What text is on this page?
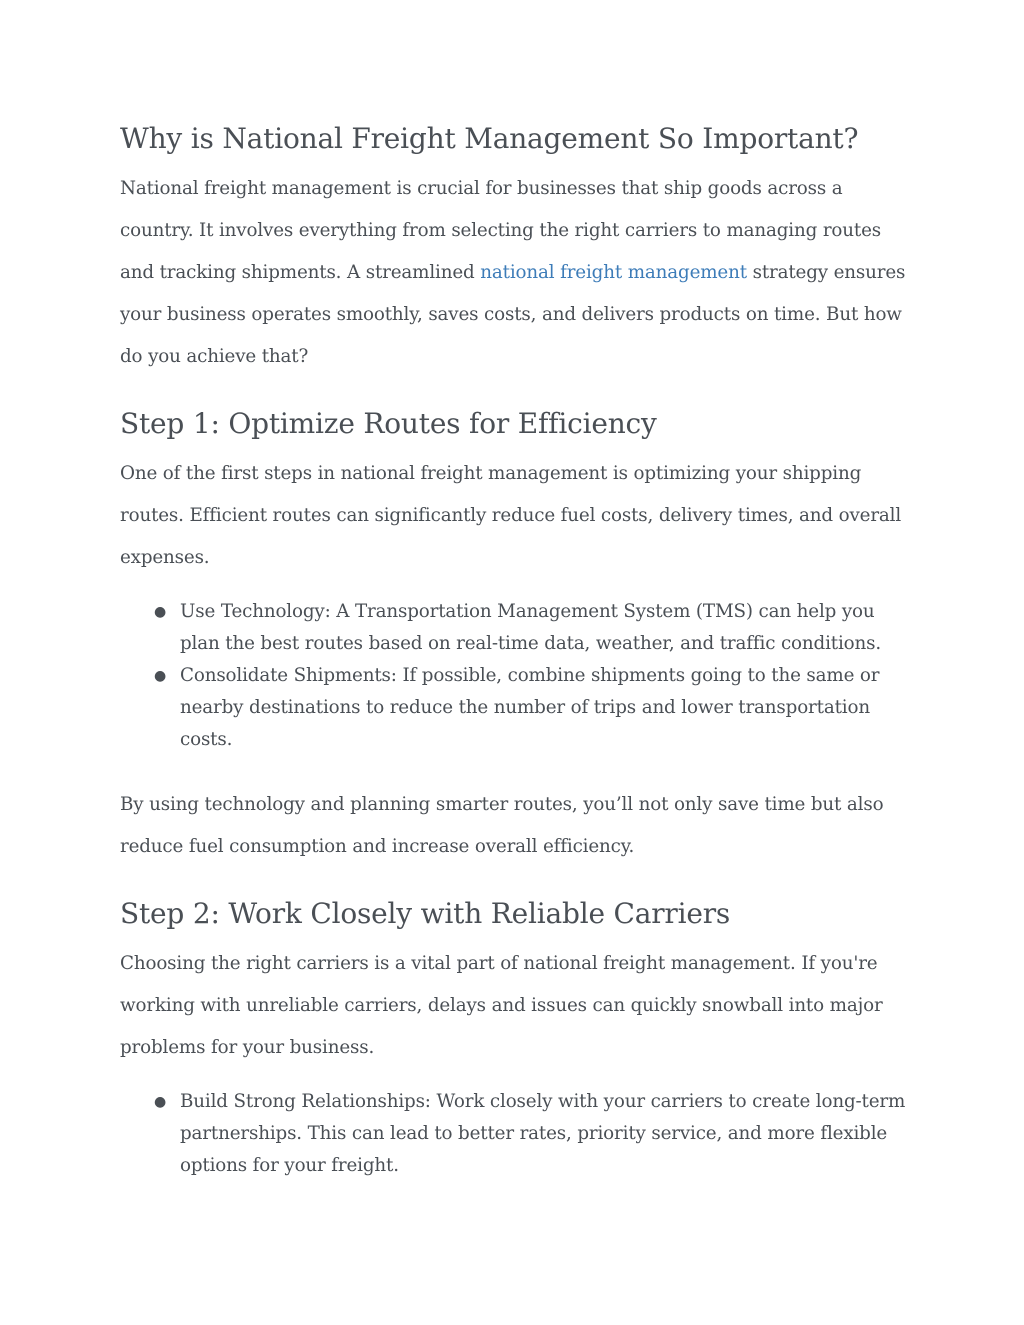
Why is National Freight Management So Important?

National freight management is crucial for businesses that ship goods across a country. It involves everything from selecting the right carriers to managing routes and tracking shipments. A streamlined national freight management strategy ensures your business operates smoothly, saves costs, and delivers products on time. But how do you achieve that?

Step 1: Optimize Routes for Efficiency

One of the first steps in national freight management is optimizing your shipping routes. Efficient routes can significantly reduce fuel costs, delivery times, and overall expenses.

● Use Technology: A Transportation Management System (TMS) can help you plan the best routes based on real-time data, weather, and traffic conditions.
● Consolidate Shipments: If possible, combine shipments going to the same or nearby destinations to reduce the number of trips and lower transportation costs.

By using technology and planning smarter routes, you’ll not only save time but also reduce fuel consumption and increase overall efficiency.

Step 2: Work Closely with Reliable Carriers

Choosing the right carriers is a vital part of national freight management. If you're working with unreliable carriers, delays and issues can quickly snowball into major problems for your business.

● Build Strong Relationships: Work closely with your carriers to create long-term partnerships. This can lead to better rates, priority service, and more flexible options for your freight.
